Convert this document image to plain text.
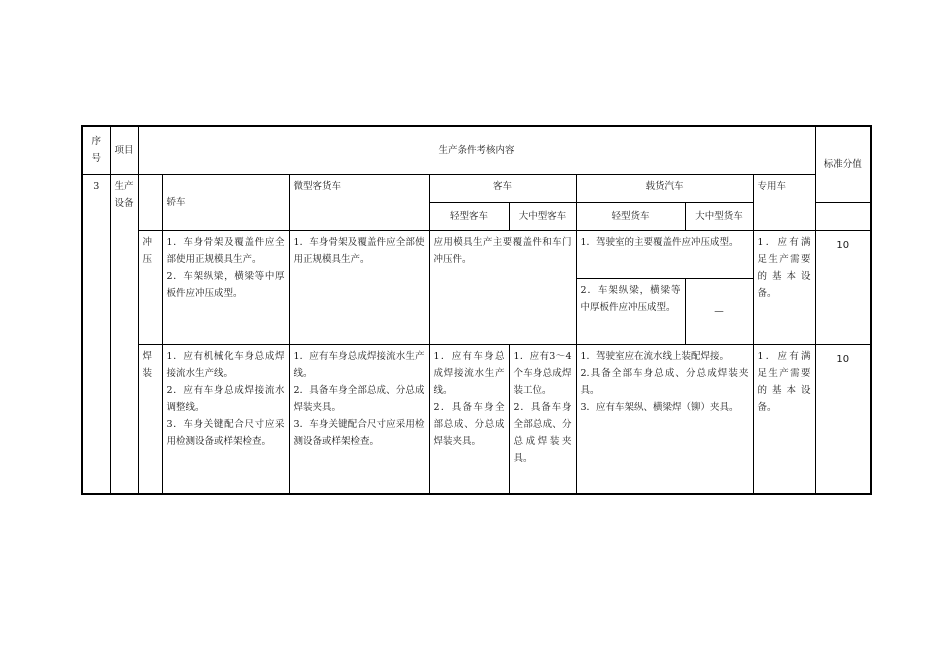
序号	项目	生产条件考核内容								标准分值
3	生产设备		轿车	微型客货车	客车		载货汽车		专用车	
					轻型客车	大中型客车	轻型货车	大中型货车		
		冲压	1．车身骨架及覆盖件应全部使用正规模具生产。
2．车架纵梁，横梁等中厚板件应冲压成型。	1．车身骨架及覆盖件应全部使用正规模具生产。	应用模具生产主要覆盖件和车门冲压件。		1．驾驶室的主要覆盖件应冲压成型。		1．应有满足生产需要的基本设备。	10
							2．车架纵梁，横梁等中厚板件应冲压成型。	—		
		焊装	1．应有机械化车身总成焊接流水生产线。
2．应有车身总成焊接流水调整线。
3．车身关键配合尺寸应采用检测设备或样架检查。	1．应有车身总成焊接流水生产线。
2．具备车身全部总成、分总成焊装夹具。
3．车身关键配合尺寸应采用检测设备或样架检查。	1．应有车身总成焊接流水生产线。
2．具备车身全部总成、分总成焊装夹具。	1．应有3～4个车身总成焊装工位。
2．具备车身全部总成、分总成焊装夹具。	1．驾驶室应在流水线上装配焊接。
2.具备全部车身总成、分总成焊装夹具。
3．应有车架纵、横梁焊（铆）夹具。		1．应有满足生产需要的基本设备。	10
